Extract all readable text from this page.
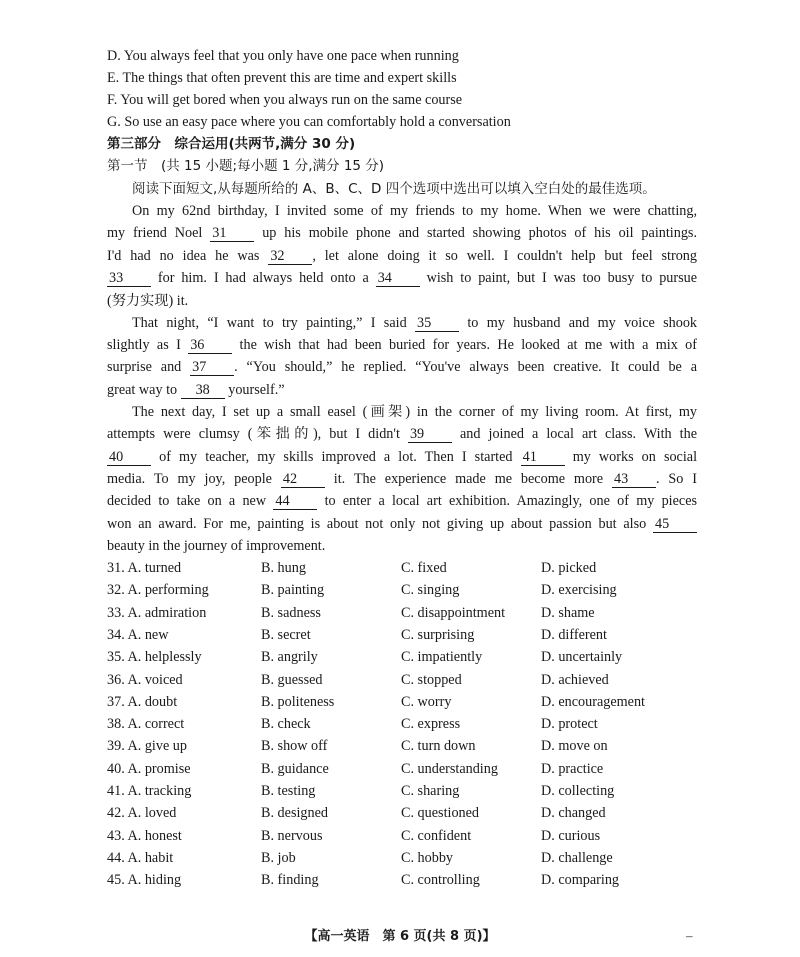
D. You always feel that you only have one pace when running
E. The things that often prevent this are time and expert skills
F. You will get bored when you always run on the same course
G. So use an easy pace where you can comfortably hold a conversation
第三部分　综合运用(共两节,满分 30 分)
第一节　(共 15 小题;每小题 1 分,满分 15 分)
阅读下面短文,从每题所给的 A、B、C、D 四个选项中选出可以填入空白处的最佳选项。
On my 62nd birthday, I invited some of my friends to my home. When we were chatting,
my friend Noel 31	up his mobile phone and started showing photos of his oil paintings.
I'd had no idea he was 32 , let alone doing it so well. I couldn't help but feel strong
33 for him. I had always held onto a 34 wish to paint, but I was too busy to pursue
(努力实现) it.
That night, “I want to try painting,” I said 35	to my husband and my voice shook
slightly as I 36 the wish that had been buried for years. He looked at me with a mix of
surprise and 37 . “You should,” he replied. “You've always been creative. It could be a
great way to 38 yourself.”
The next day, I set up a small easel (画架) in the corner of my living room. At first, my
attempts were clumsy (笨拙的), but I didn't 39	and joined a local art class. With the
40	of my teacher, my skills improved a lot. Then I started 41	my works on social
media. To my joy, people 42	it. The experience made me become more 43 . So I
decided to take on a new 44 to enter a local art exhibition. Amazingly, one of my pieces
won an award. For me, painting is about not only not giving up about passion but also 45
beauty in the journey of improvement.
31. A. turned	B. hung	C. fixed	D. picked
32. A. performing	B. painting	C. singing	D. exercising
33. A. admiration	B. sadness	C. disappointment	D. shame
34. A. new	B. secret	C. surprising	D. different
35. A. helplessly	B. angrily	C. impatiently	D. uncertainly
36. A. voiced	B. guessed	C. stopped	D. achieved
37. A. doubt	B. politeness	C. worry	D. encouragement
38. A. correct	B. check	C. express	D. protect
39. A. give up	B. show off	C. turn down	D. move on
40. A. promise	B. guidance	C. understanding	D. practice
41. A. tracking	B. testing	C. sharing	D. collecting
42. A. loved	B. designed	C. questioned	D. changed
43. A. honest	B. nervous	C. confident	D. curious
44. A. habit	B. job	C. hobby	D. challenge
45. A. hiding	B. finding	C. controlling	D. comparing
【高一英语　第 6 页(共 8 页)】	–
